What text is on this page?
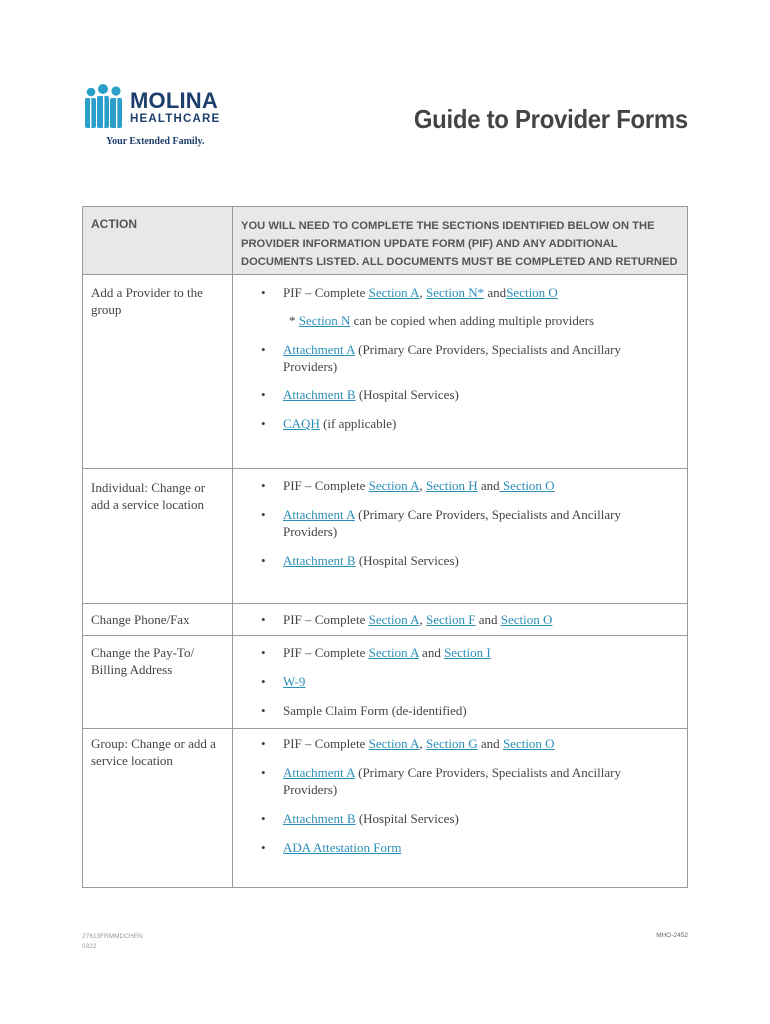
MOLINA
HEALTHCARE
Your Extended Family.
Guide to Provider Forms
ACTION	YOU WILL NEED TO COMPLETE THE SECTIONS IDENTIFIED BELOW ON THE PROVIDER INFORMATION UPDATE FORM (PIF) AND ANY ADDITIONAL DOCUMENTS LISTED. ALL DOCUMENTS MUST BE COMPLETED AND RETURNED
Add a Provider to the group
• PIF – Complete Section A, Section N* andSection O
* Section N can be copied when adding multiple providers
• Attachment A (Primary Care Providers, Specialists and Ancillary Providers)
• Attachment B (Hospital Services)
• CAQH (if applicable)
Individual: Change or add a service location
• PIF – Complete Section A, Section H and Section O
• Attachment A (Primary Care Providers, Specialists and Ancillary Providers)
• Attachment B (Hospital Services)
Change Phone/Fax	• PIF – Complete Section A, Section F and Section O
Change the Pay-To/ Billing Address
• PIF – Complete Section A and Section I
• W-9
• Sample Claim Form (de-identified)
Group: Change or add a service location
• PIF – Complete Section A, Section G and Section O
• Attachment A (Primary Care Providers, Specialists and Ancillary Providers)
• Attachment B (Hospital Services)
• ADA Attestation Form
27613FRMMDCHEN
0322
MHO-2452
